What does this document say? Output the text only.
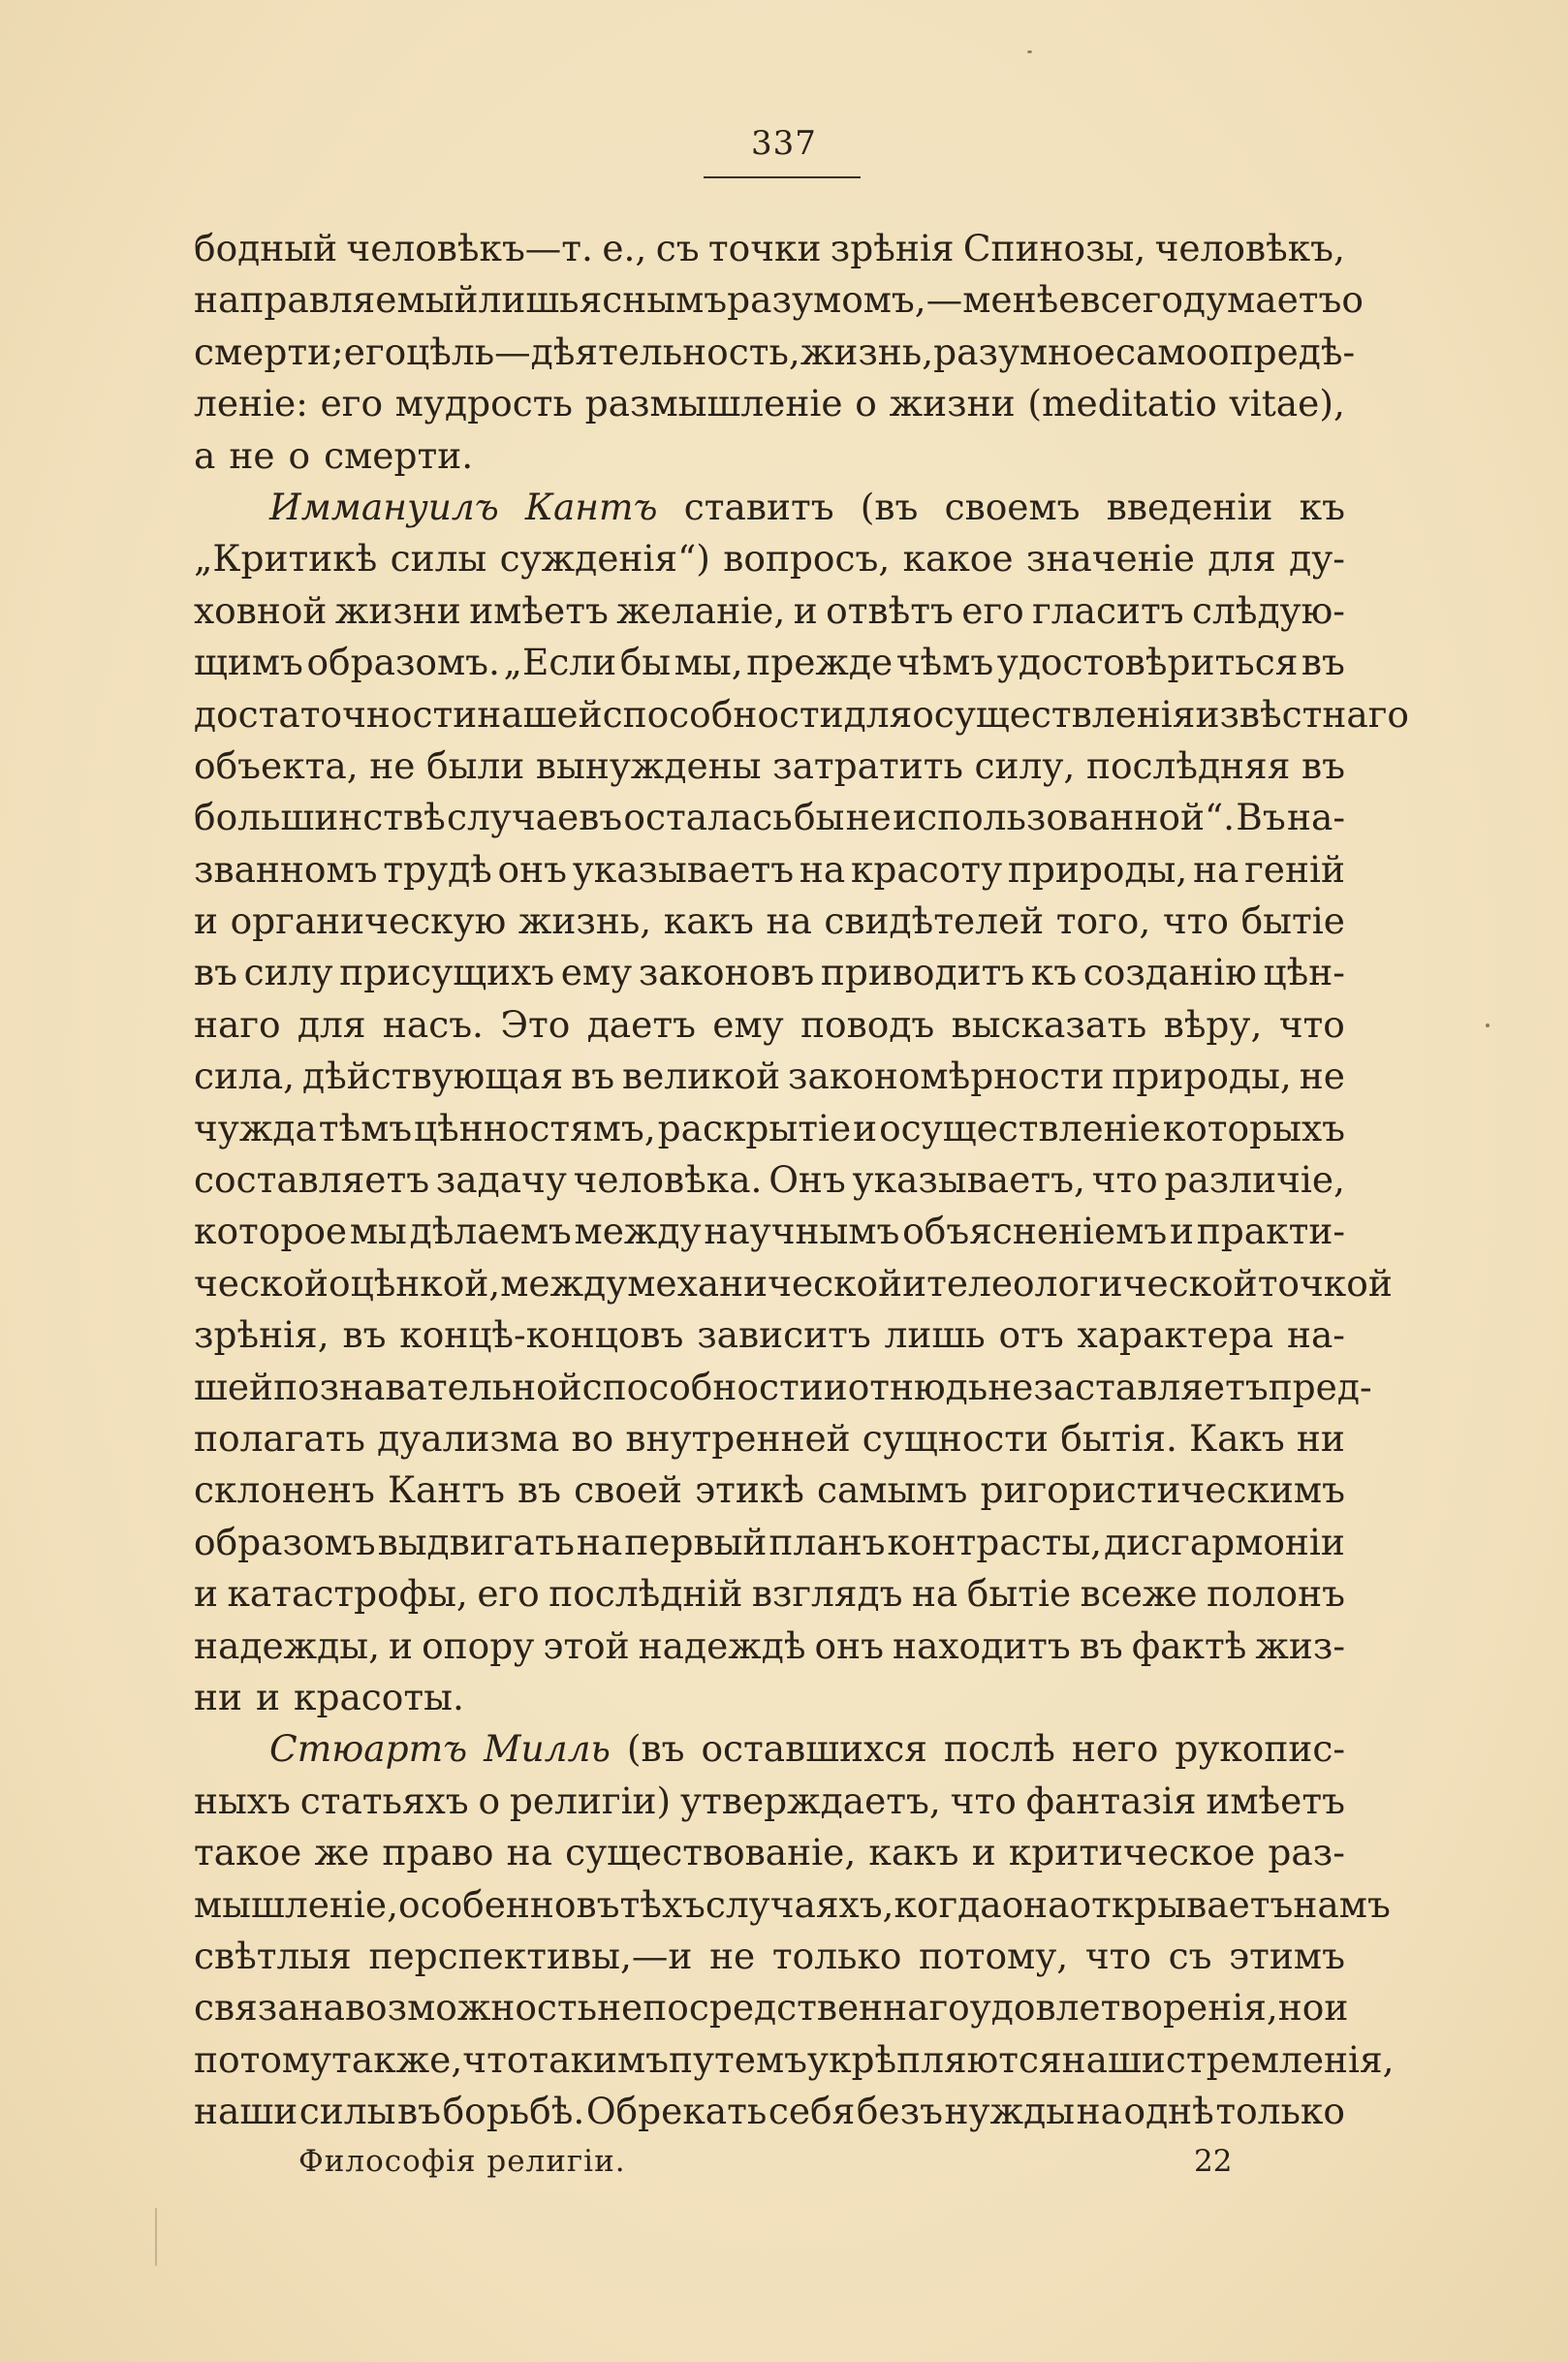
337
бодный человѣкъ—т. е., съ точки зрѣнія Спинозы, человѣкъ,
направляемый лишь яснымъ разумомъ,—менѣе всего думаетъ о
смерти; его цѣль—дѣятельность, жизнь, разумное самоопредѣ-
леніе: его мудрость размышленіе о жизни (meditatio vitae),
а не о смерти.
Иммануилъ Кантъ ставитъ (въ своемъ введеніи къ
„Критикѣ силы сужденія“) вопросъ, какое значеніе для ду-
ховной жизни имѣетъ желаніе, и отвѣтъ его гласитъ слѣдую-
щимъ образомъ. „Если бы мы, прежде чѣмъ удостовѣриться въ
достаточности нашей способности для осуществленія извѣстнаго
объекта, не были вынуждены затратить силу, послѣдняя въ
большинствѣ случаевъ осталась бы не использованной“. Въ на-
званномъ трудѣ онъ указываетъ на красоту природы, на геній
и органическую жизнь, какъ на свидѣтелей того, что бытіе
въ силу присущихъ ему законовъ приводитъ къ созданію цѣн-
наго для насъ. Это даетъ ему поводъ высказать вѣру, что
сила, дѣйствующая въ великой закономѣрности природы, не
чужда тѣмъ цѣнностямъ, раскрытіе и осуществленіе которыхъ
составляетъ задачу человѣка. Онъ указываетъ, что различіе,
которое мы дѣлаемъ между научнымъ объясненіемъ и практи-
ческой оцѣнкой, между механической и телеологической точкой
зрѣнія, въ концѣ-концовъ зависитъ лишь отъ характера на-
шей познавательной способности и отнюдь не заставляетъ пред-
полагать дуализма во внутренней сущности бытія. Какъ ни
склоненъ Кантъ въ своей этикѣ самымъ ригористическимъ
образомъ выдвигать на первый планъ контрасты, дисгармоніи
и катастрофы, его послѣдній взглядъ на бытіе всеже полонъ
надежды, и опору этой надеждѣ онъ находитъ въ фактѣ жиз-
ни и красоты.
Стюартъ Милль (въ оставшихся послѣ него рукопис-
ныхъ статьяхъ о религіи) утверждаетъ, что фантазія имѣетъ
такое же право на существованіе, какъ и критическое раз-
мышленіе, особенно въ тѣхъ случаяхъ, когда она открываетъ намъ
свѣтлыя перспективы,—и не только потому, что съ этимъ
связана возможность непосредственнаго удовлетворенія, но и
потому также, что такимъ путемъ укрѣпляются наши стремленія,
наши силы въ борьбѣ. Обрекать себя безъ нужды на однѣ только
Философія религіи.	22
